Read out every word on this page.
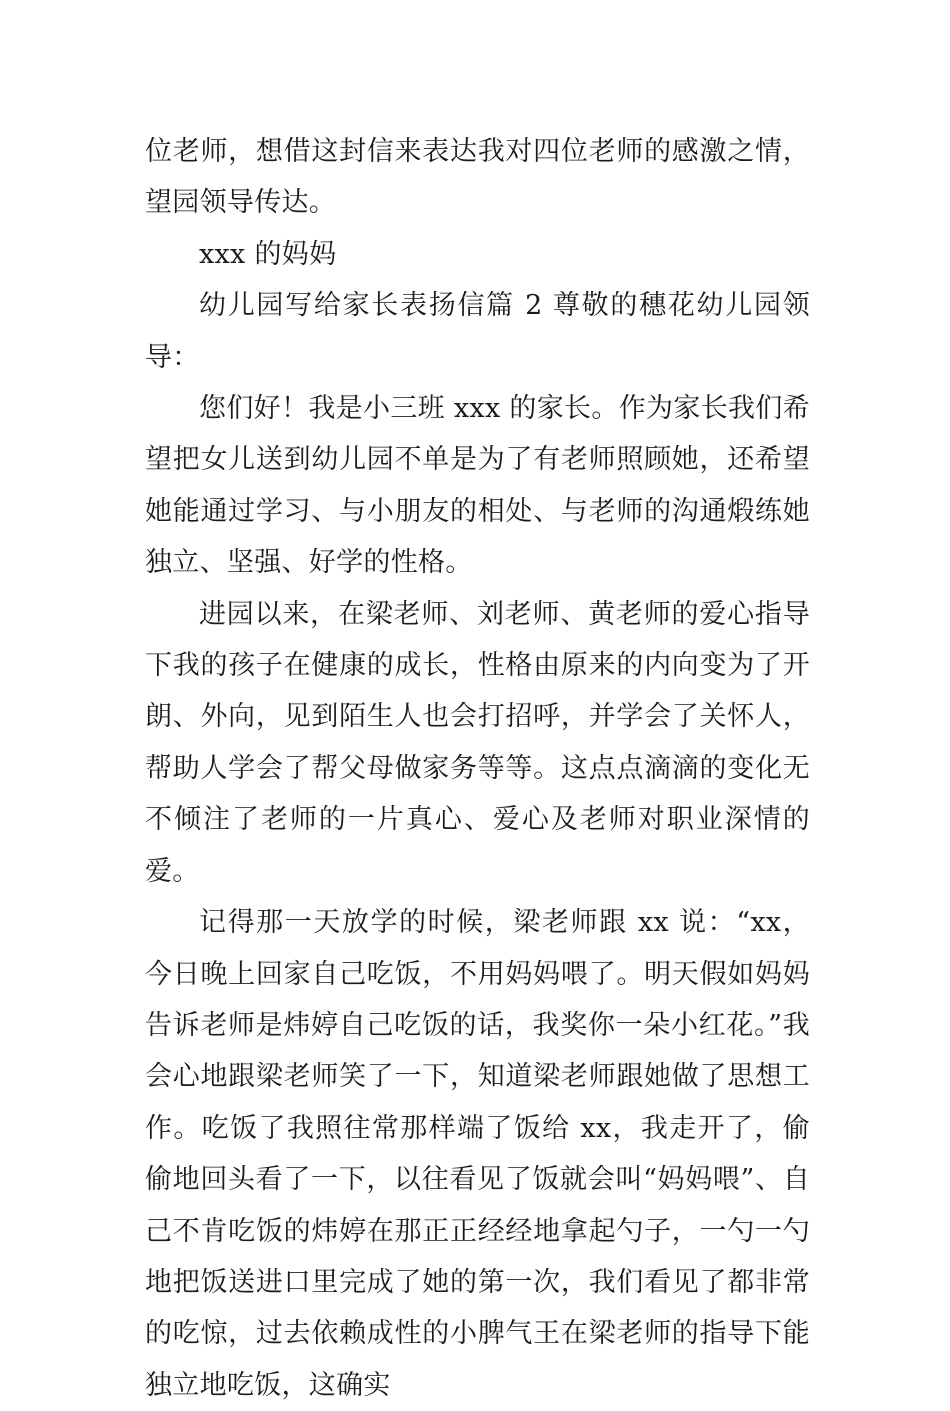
位老师，想借这封信来表达我对四位老师的感激之情，望园领导传达。

xxx 的妈妈

幼儿园写给家长表扬信篇 2 尊敬的穗花幼儿园领导：

您们好！我是小三班 xxx 的家长。作为家长我们希望把女儿送到幼儿园不单是为了有老师照顾她，还希望她能通过学习、与小朋友的相处、与老师的沟通煅练她独立、坚强、好学的性格。

进园以来，在梁老师、刘老师、黄老师的爱心指导下我的孩子在健康的成长，性格由原来的内向变为了开朗、外向，见到陌生人也会打招呼，并学会了关怀人，帮助人学会了帮父母做家务等等。这点点滴滴的变化无不倾注了老师的一片真心、爱心及老师对职业深情的爱。

记得那一天放学的时候，梁老师跟 xx 说：“xx，今日晚上回家自己吃饭，不用妈妈喂了。明天假如妈妈告诉老师是炜婷自己吃饭的话，我奖你一朵小红花。”我会心地跟梁老师笑了一下，知道梁老师跟她做了思想工作。吃饭了我照往常那样端了饭给 xx，我走开了，偷偷地回头看了一下，以往看见了饭就会叫“妈妈喂”、自己不肯吃饭的炜婷在那正正经经地拿起勺子，一勺一勺地把饭送进口里完成了她的第一次，我们看见了都非常的吃惊，过去依赖成性的小脾气王在梁老师的指导下能独立地吃饭，这确实
